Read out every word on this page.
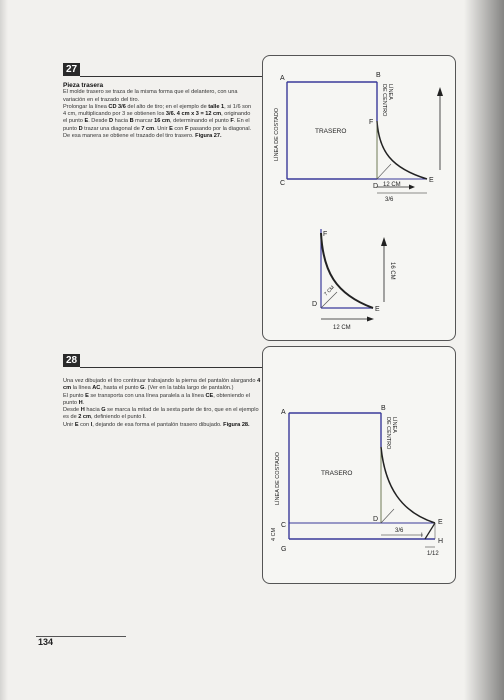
27
Pieza trasera
El molde trasero se traza de la misma forma que el delantero, con una variación en el trazado del tiro.
Prolongar la línea CD 3/6 del alto de tiro; en el ejemplo de talle 1, si 1/6 son 4 cm, multiplicando por 3 se obtienen los 3/6. 4 cm x 3 = 12 cm, originando el punto E. Desde D hacia B marcar 16 cm, determinando el punto F. En el punto D trazar una diagonal de 7 cm. Unir E con F pasando por la diagonal. De esa manera se obtiene el trazado del tiro trasero. Figura 27.
A	B
C	D
E
F
LÍNEA DE COSTADO
LÍNEA
DE CENTRO
TRASERO
12 CM
3/6
F
D
E
7 CM
16 CM
12 CM
28
Una vez dibujado el tiro continuar trabajando la pierna del pantalón alargando 4 cm la línea AC, hasta el punto G. (Ver en la tabla largo de pantalón.)
El punto E se transporta con una línea paralela a la línea CE, obteniendo el punto H.
Desde H hacia G se marca la mitad de la sexta parte de tiro, que en el ejemplo es de 2 cm, definiendo el punto I.
Unir E con I, dejando de esa forma el pantalón trasero dibujado. Figura 28.
A
B
C
D	E
G
H
I
LÍNEA DE COSTADO
LÍNEA
DE CENTRO
TRASERO
4 CM	3/6
1/12
134
